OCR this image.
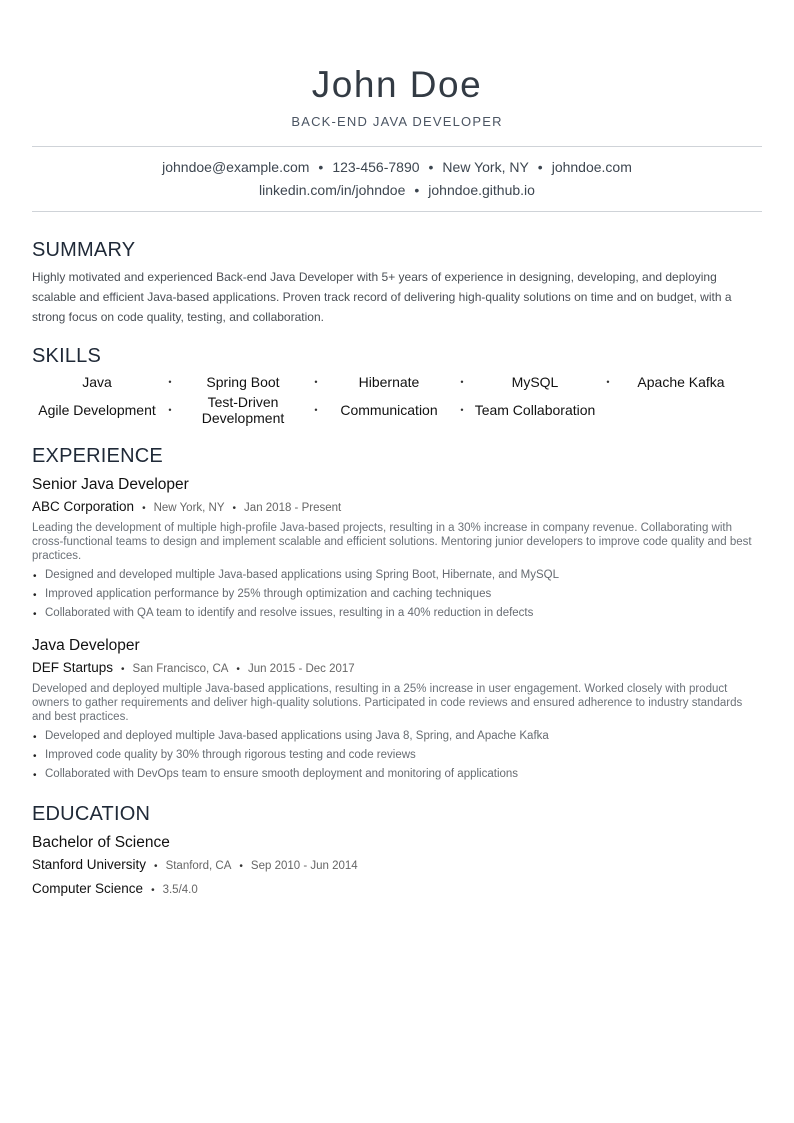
John Doe
BACK-END JAVA DEVELOPER
johndoe@example.com • 123-456-7890 • New York, NY • johndoe.com
linkedin.com/in/johndoe • johndoe.github.io
SUMMARY
Highly motivated and experienced Back-end Java Developer with 5+ years of experience in designing, developing, and deploying scalable and efficient Java-based applications. Proven track record of delivering high-quality solutions on time and on budget, with a strong focus on code quality, testing, and collaboration.
SKILLS
Java	•	Spring Boot	•	Hibernate	•	MySQL	•	Apache Kafka
Agile Development	•	Test-Driven Development	•	Communication	• Team Collaboration
EXPERIENCE
Senior Java Developer
ABC Corporation • New York, NY • Jan 2018 - Present
Leading the development of multiple high-profile Java-based projects, resulting in a 30% increase in company revenue. Collaborating with cross-functional teams to design and implement scalable and efficient solutions. Mentoring junior developers to improve code quality and best practices.
• Designed and developed multiple Java-based applications using Spring Boot, Hibernate, and MySQL
• Improved application performance by 25% through optimization and caching techniques
• Collaborated with QA team to identify and resolve issues, resulting in a 40% reduction in defects
Java Developer
DEF Startups • San Francisco, CA • Jun 2015 - Dec 2017
Developed and deployed multiple Java-based applications, resulting in a 25% increase in user engagement. Worked closely with product owners to gather requirements and deliver high-quality solutions. Participated in code reviews and ensured adherence to industry standards and best practices.
• Developed and deployed multiple Java-based applications using Java 8, Spring, and Apache Kafka
• Improved code quality by 30% through rigorous testing and code reviews
• Collaborated with DevOps team to ensure smooth deployment and monitoring of applications
EDUCATION
Bachelor of Science
Stanford University • Stanford, CA • Sep 2010 - Jun 2014
Computer Science • 3.5/4.0
